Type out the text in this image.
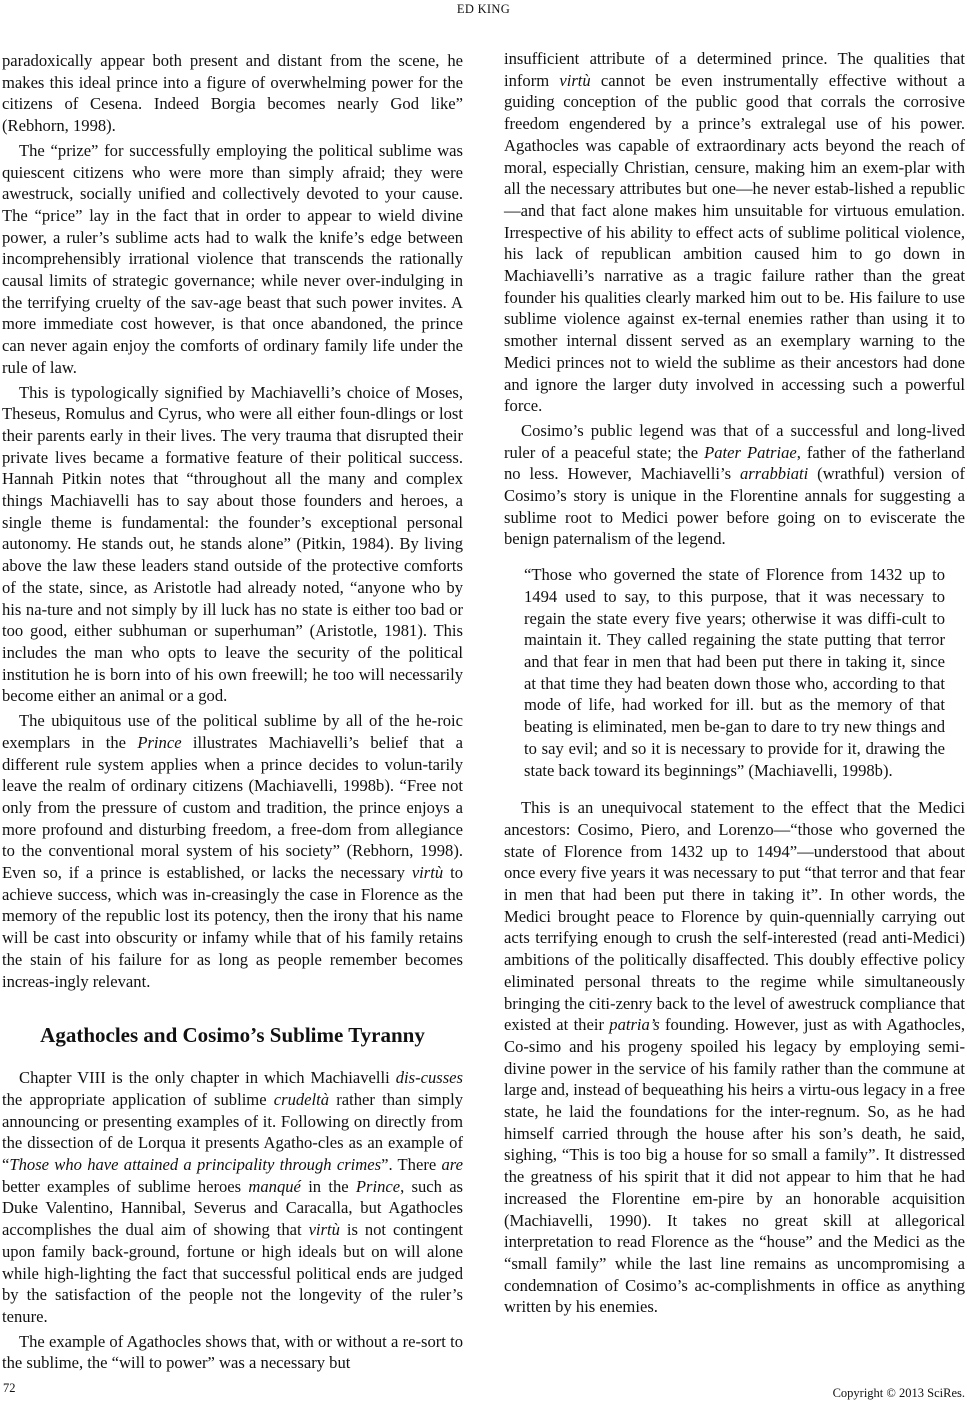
ED KING

paradoxically appear both present and distant from the scene, he makes this ideal prince into a figure of overwhelming power for the citizens of Cesena. Indeed Borgia becomes nearly God like” (Rebhorn, 1998).

The “prize” for successfully employing the political sublime was quiescent citizens who were more than simply afraid; they were awestruck, socially unified and collectively devoted to your cause. The “price” lay in the fact that in order to appear to wield divine power, a ruler’s sublime acts had to walk the knife’s edge between incomprehensibly irrational violence that transcends the rationally causal limits of strategic governance; while never over-indulging in the terrifying cruelty of the sav-age beast that such power invites. A more immediate cost however, is that once abandoned, the prince can never again enjoy the comforts of ordinary family life under the rule of law.

This is typologically signified by Machiavelli’s choice of Moses, Theseus, Romulus and Cyrus, who were all either foun-dlings or lost their parents early in their lives. The very trauma that disrupted their private lives became a formative feature of their political success. Hannah Pitkin notes that “throughout all the many and complex things Machiavelli has to say about those founders and heroes, a single theme is fundamental: the founder’s exceptional personal autonomy. He stands out, he stands alone” (Pitkin, 1984). By living above the law these leaders stand outside of the protective comforts of the state, since, as Aristotle had already noted, “anyone who by his na-ture and not simply by ill luck has no state is either too bad or too good, either subhuman or superhuman” (Aristotle, 1981). This includes the man who opts to leave the security of the political institution he is born into of his own freewill; he too will necessarily become either an animal or a god.

The ubiquitous use of the political sublime by all of the he-roic exemplars in the Prince illustrates Machiavelli’s belief that a different rule system applies when a prince decides to volun-tarily leave the realm of ordinary citizens (Machiavelli, 1998b). “Free not only from the pressure of custom and tradition, the prince enjoys a more profound and disturbing freedom, a free-dom from allegiance to the conventional moral system of his society” (Rebhorn, 1998). Even so, if a prince is established, or lacks the necessary virtù to achieve success, which was in-creasingly the case in Florence as the memory of the republic lost its potency, then the irony that his name will be cast into obscurity or infamy while that of his family retains the stain of his failure for as long as people remember becomes increas-ingly relevant.

Agathocles and Cosimo’s Sublime Tyranny

Chapter VIII is the only chapter in which Machiavelli dis-cusses the appropriate application of sublime crudeltà rather than simply announcing or presenting examples of it. Following on directly from the dissection of de Lorqua it presents Agatho-cles as an example of “Those who have attained a principality through crimes”. There are better examples of sublime heroes manqué in the Prince, such as Duke Valentino, Hannibal, Severus and Caracalla, but Agathocles accomplishes the dual aim of showing that virtù is not contingent upon family back-ground, fortune or high ideals but on will alone while high-lighting the fact that successful political ends are judged by the satisfaction of the people not the longevity of the ruler’s tenure.

The example of Agathocles shows that, with or without a re-sort to the sublime, the “will to power” was a necessary but

insufficient attribute of a determined prince. The qualities that inform virtù cannot be even instrumentally effective without a guiding conception of the public good that corrals the corrosive freedom engendered by a prince’s extralegal use of his power. Agathocles was capable of extraordinary acts beyond the reach of moral, especially Christian, censure, making him an exem-plar with all the necessary attributes but one—he never estab-lished a republic—and that fact alone makes him unsuitable for virtuous emulation. Irrespective of his ability to effect acts of sublime political violence, his lack of republican ambition caused him to go down in Machiavelli’s narrative as a tragic failure rather than the great founder his qualities clearly marked him out to be. His failure to use sublime violence against ex-ternal enemies rather than using it to smother internal dissent served as an exemplary warning to the Medici princes not to wield the sublime as their ancestors had done and ignore the larger duty involved in accessing such a powerful force.

Cosimo’s public legend was that of a successful and long-lived ruler of a peaceful state; the Pater Patriae, father of the fatherland no less. However, Machiavelli’s arrabbiati (wrathful) version of Cosimo’s story is unique in the Florentine annals for suggesting a sublime root to Medici power before going on to eviscerate the benign paternalism of the legend.

“Those who governed the state of Florence from 1432 up to 1494 used to say, to this purpose, that it was necessary to regain the state every five years; otherwise it was diffi-cult to maintain it. They called regaining the state putting that terror and that fear in men that had been put there in taking it, since at that time they had beaten down those who, according to that mode of life, had worked for ill. but as the memory of that beating is eliminated, men be-gan to dare to try new things and to say evil; and so it is necessary to provide for it, drawing the state back toward its beginnings” (Machiavelli, 1998b).

This is an unequivocal statement to the effect that the Medici ancestors: Cosimo, Piero, and Lorenzo—“those who governed the state of Florence from 1432 up to 1494”—understood that about once every five years it was necessary to put “that terror and that fear in men that had been put there in taking it”. In other words, the Medici brought peace to Florence by quin-quennially carrying out acts terrifying enough to crush the self-interested (read anti-Medici) ambitions of the politically disaffected. This doubly effective policy eliminated personal threats to the regime while simultaneously bringing the citi-zenry back to the level of awestruck compliance that existed at their patria’s founding. However, just as with Agathocles, Co-simo and his progeny spoiled his legacy by employing semi-divine power in the service of his family rather than the commune at large and, instead of bequeathing his heirs a virtu-ous legacy in a free state, he laid the foundations for the inter-regnum. So, as he had himself carried through the house after his son’s death, he said, sighing, “This is too big a house for so small a family”. It distressed the greatness of his spirit that it did not appear to him that he had increased the Florentine em-pire by an honorable acquisition (Machiavelli, 1990). It takes no great skill at allegorical interpretation to read Florence as the “house” and the Medici as the “small family” while the last line remains as uncompromising a condemnation of Cosimo’s ac-complishments in office as anything written by his enemies.

72	Copyright © 2013 SciRes.
